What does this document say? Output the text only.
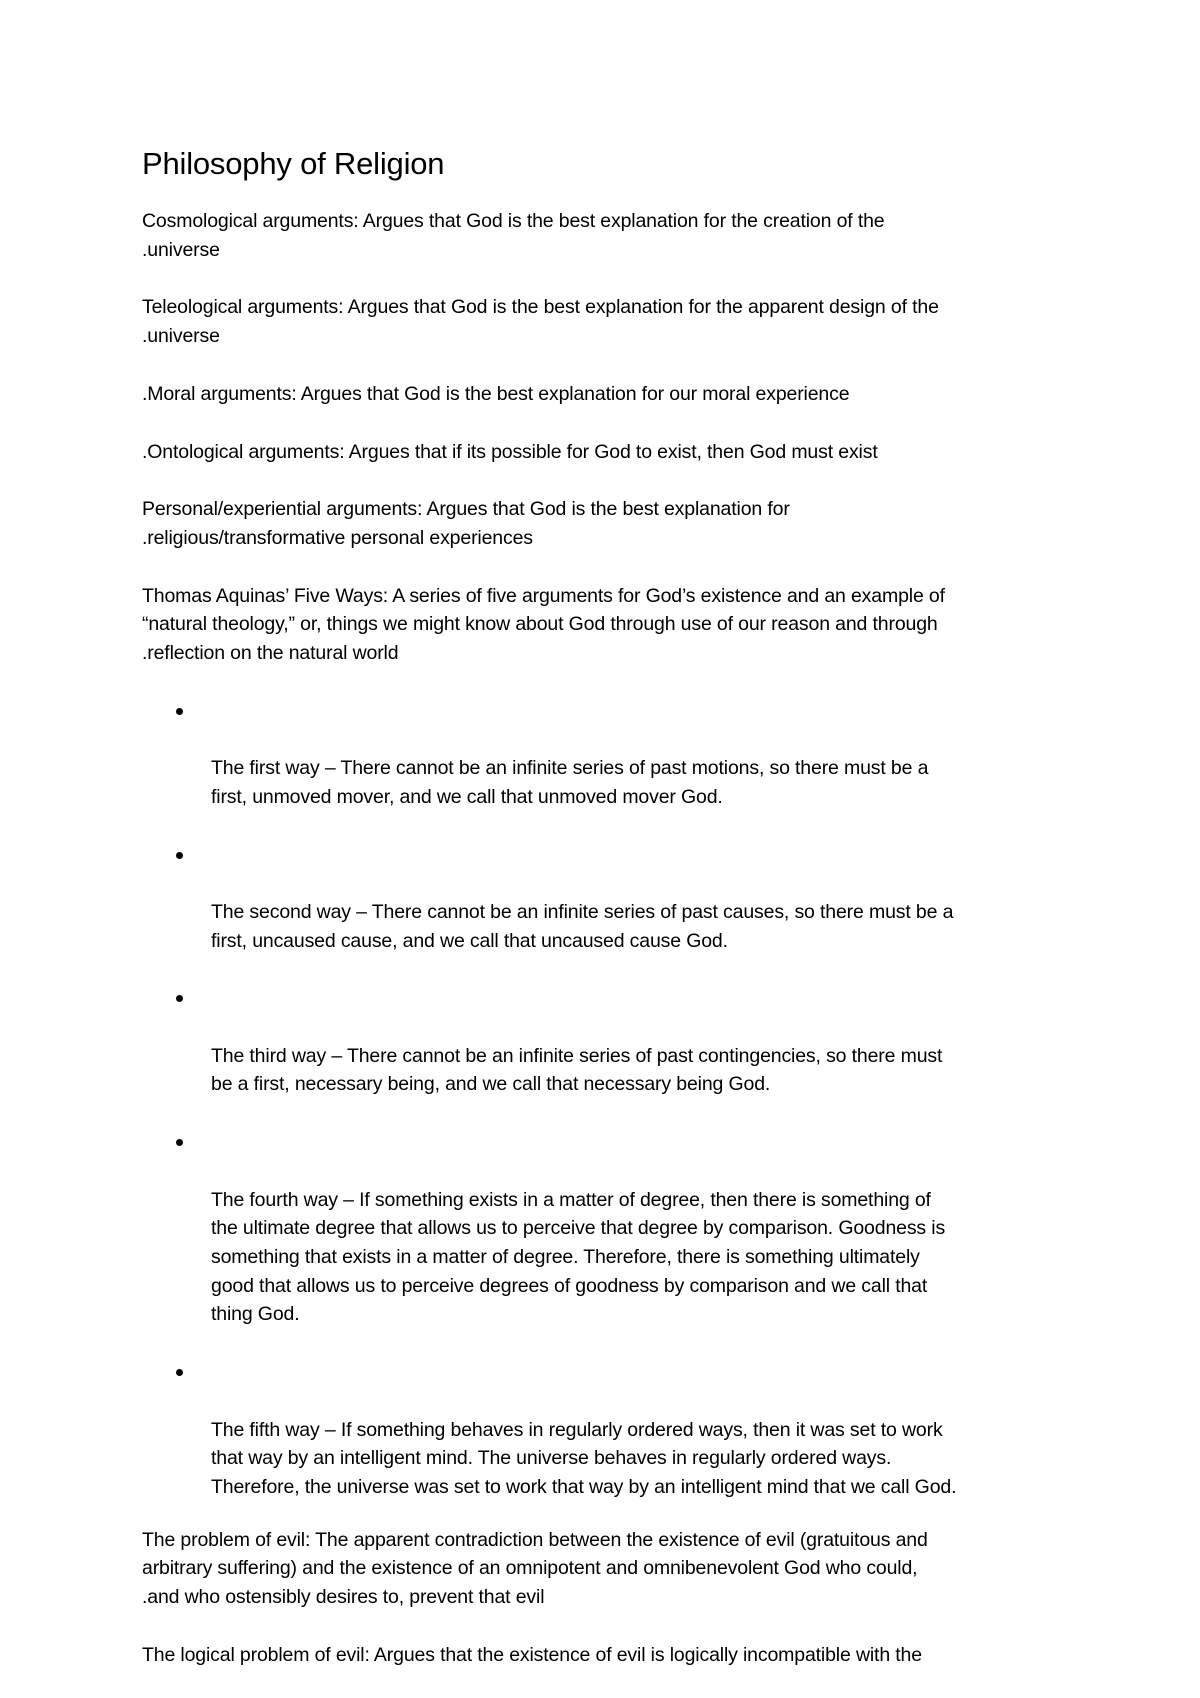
Philosophy of Religion

Cosmological arguments: Argues that God is the best explanation for the creation of the
.universe

Teleological arguments: Argues that God is the best explanation for the apparent design of the
.universe

.Moral arguments: Argues that God is the best explanation for our moral experience

.Ontological arguments: Argues that if its possible for God to exist, then God must exist

Personal/experiential arguments: Argues that God is the best explanation for
.religious/transformative personal experiences

Thomas Aquinas’ Five Ways: A series of five arguments for God’s existence and an example of
“natural theology,” or, things we might know about God through use of our reason and through
.reflection on the natural world

The first way – There cannot be an infinite series of past motions, so there must be a
first, unmoved mover, and we call that unmoved mover God.

The second way – There cannot be an infinite series of past causes, so there must be a
first, uncaused cause, and we call that uncaused cause God.

The third way – There cannot be an infinite series of past contingencies, so there must
be a first, necessary being, and we call that necessary being God.

The fourth way – If something exists in a matter of degree, then there is something of
the ultimate degree that allows us to perceive that degree by comparison. Goodness is
something that exists in a matter of degree. Therefore, there is something ultimately
good that allows us to perceive degrees of goodness by comparison and we call that
thing God.

The fifth way – If something behaves in regularly ordered ways, then it was set to work
that way by an intelligent mind. The universe behaves in regularly ordered ways.
Therefore, the universe was set to work that way by an intelligent mind that we call God.

The problem of evil: The apparent contradiction between the existence of evil (gratuitous and
arbitrary suffering) and the existence of an omnipotent and omnibenevolent God who could,
.and who ostensibly desires to, prevent that evil

The logical problem of evil: Argues that the existence of evil is logically incompatible with the
